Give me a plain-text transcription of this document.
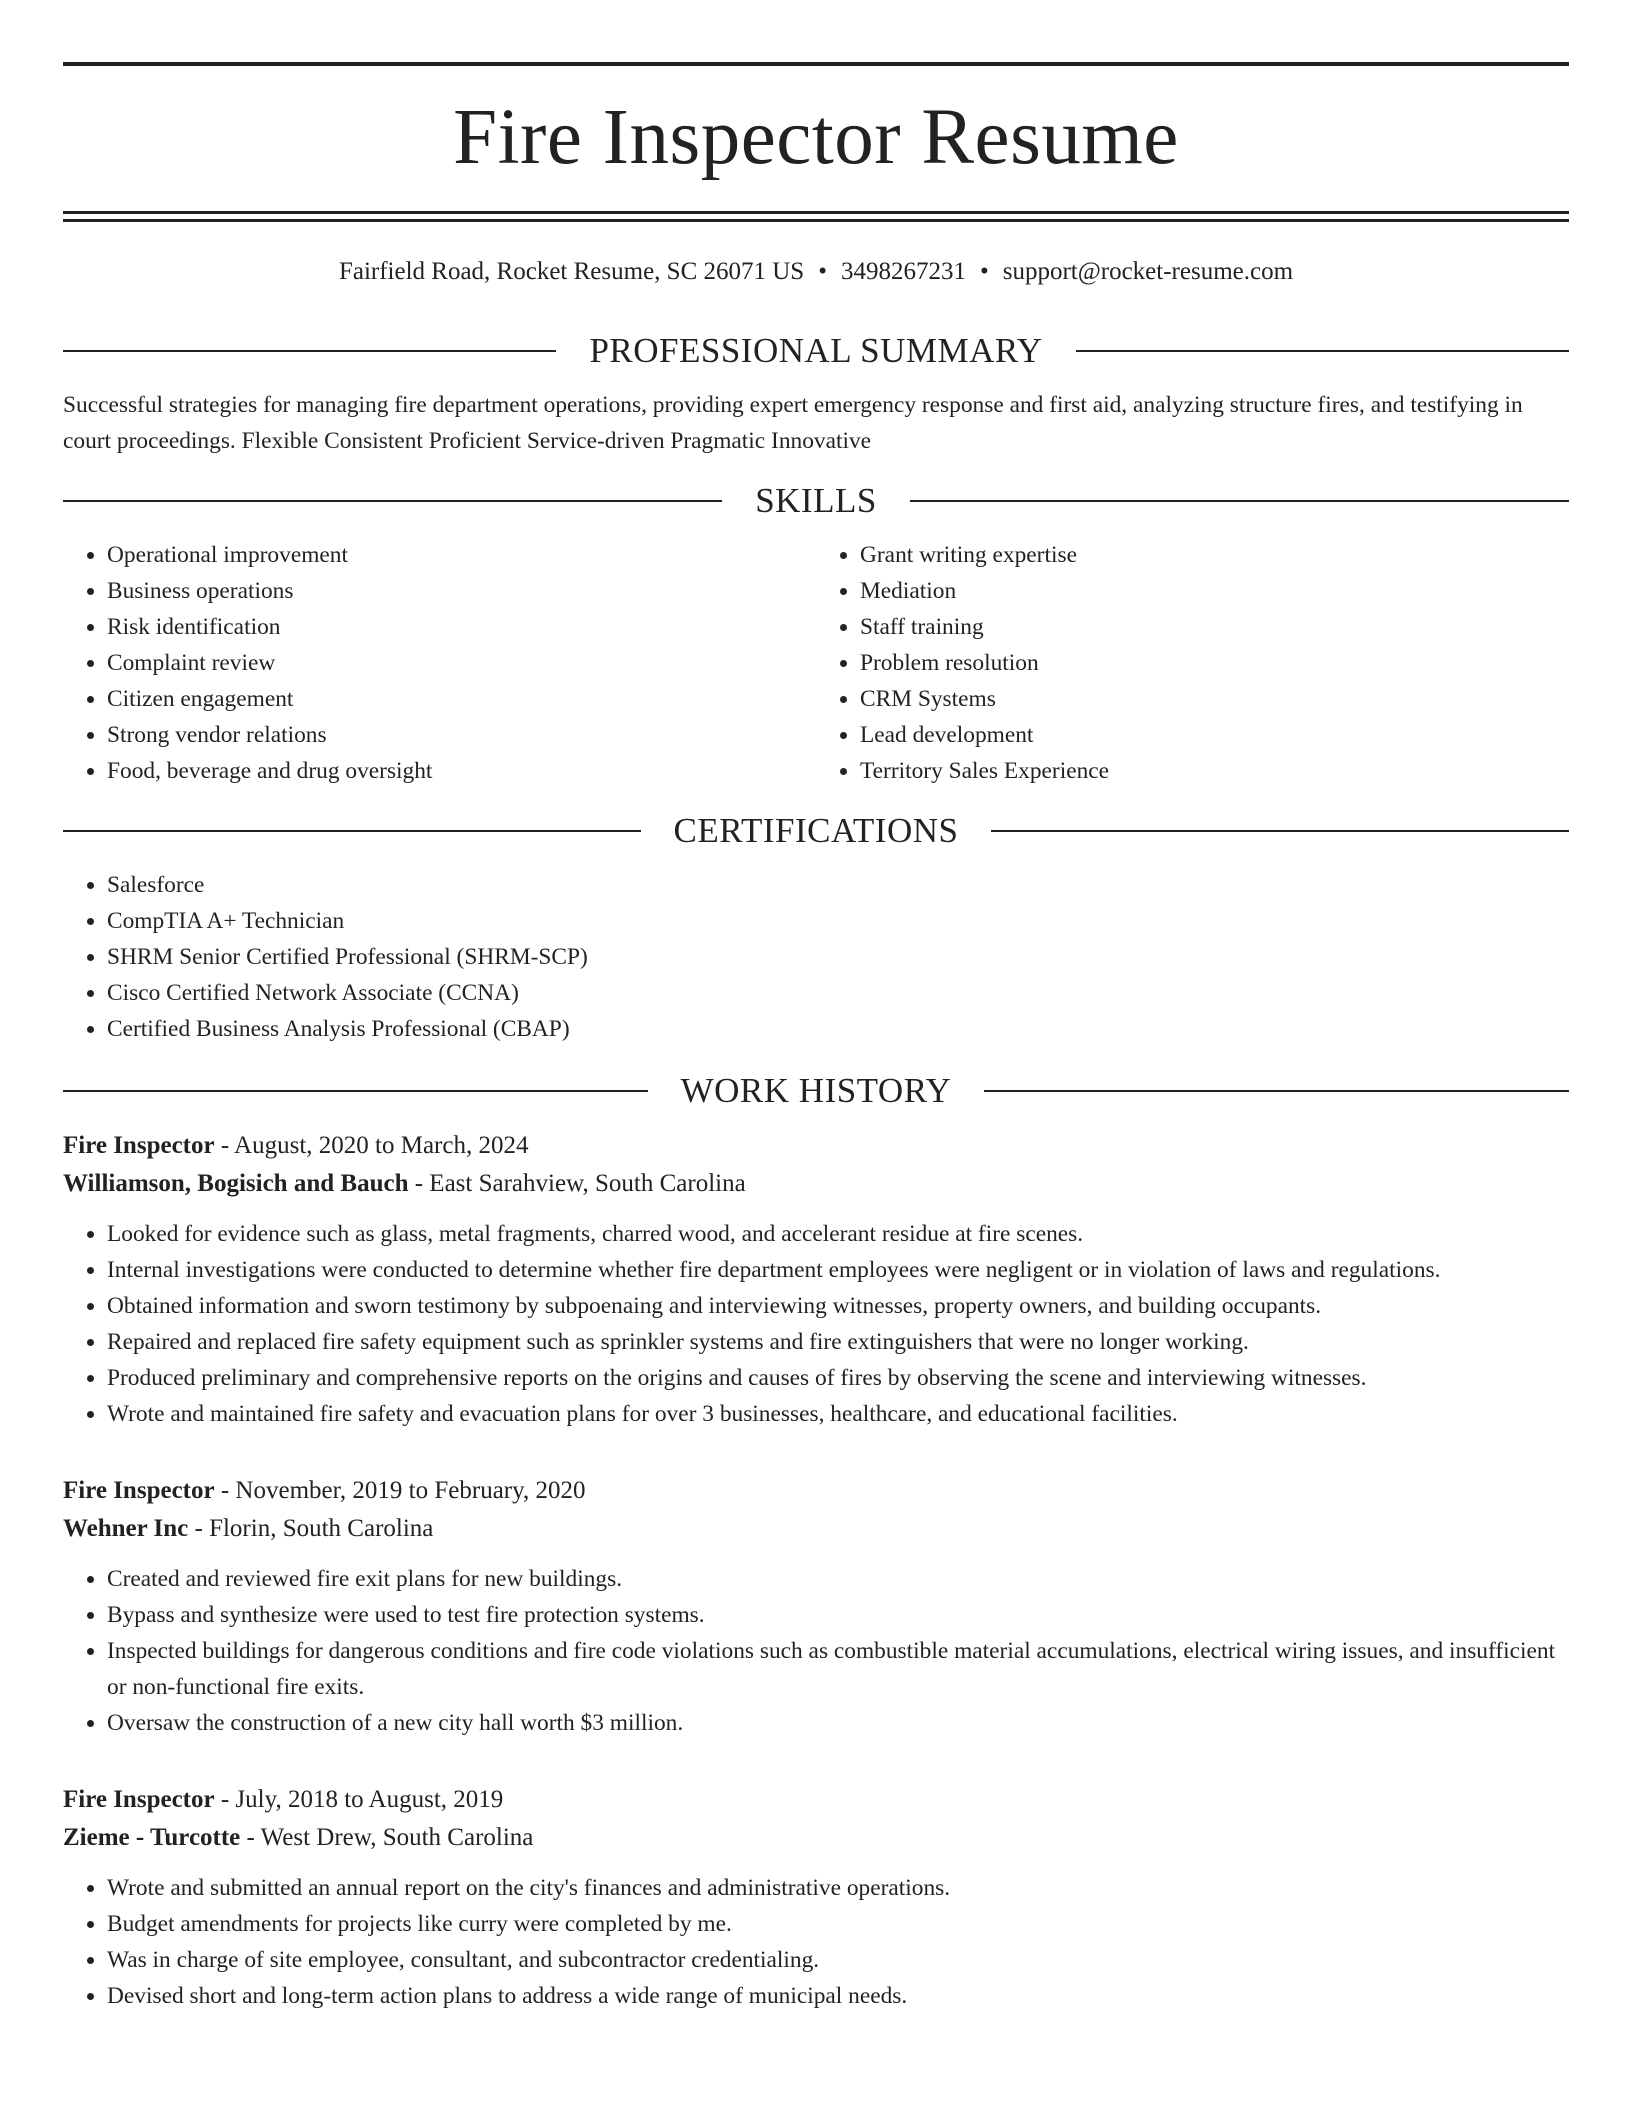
Fire Inspector Resume
Fairfield Road, Rocket Resume, SC 26071 US • 3498267231 • support@rocket-resume.com
PROFESSIONAL SUMMARY

Successful strategies for managing fire department operations, providing expert emergency response and first aid, analyzing structure fires, and testifying in court proceedings. Flexible Consistent Proficient Service-driven Pragmatic Innovative

SKILLS
• Operational improvement
• Business operations
• Risk identification
• Complaint review
• Citizen engagement
• Strong vendor relations
• Food, beverage and drug oversight
• Grant writing expertise
• Mediation
• Staff training
• Problem resolution
• CRM Systems
• Lead development
• Territory Sales Experience
CERTIFICATIONS
• Salesforce
• CompTIA A+ Technician
• SHRM Senior Certified Professional (SHRM-SCP)
• Cisco Certified Network Associate (CCNA)
• Certified Business Analysis Professional (CBAP)
WORK HISTORY
Fire Inspector - August, 2020 to March, 2024
Williamson, Bogisich and Bauch - East Sarahview, South Carolina
• Looked for evidence such as glass, metal fragments, charred wood, and accelerant residue at fire scenes.
• Internal investigations were conducted to determine whether fire department employees were negligent or in violation of laws and regulations.
• Obtained information and sworn testimony by subpoenaing and interviewing witnesses, property owners, and building occupants.
• Repaired and replaced fire safety equipment such as sprinkler systems and fire extinguishers that were no longer working.
• Produced preliminary and comprehensive reports on the origins and causes of fires by observing the scene and interviewing witnesses.
• Wrote and maintained fire safety and evacuation plans for over 3 businesses, healthcare, and educational facilities.
Fire Inspector - November, 2019 to February, 2020
Wehner Inc - Florin, South Carolina
• Created and reviewed fire exit plans for new buildings.
• Bypass and synthesize were used to test fire protection systems.
• Inspected buildings for dangerous conditions and fire code violations such as combustible material accumulations, electrical wiring issues, and insufficient or non-functional fire exits.
• Oversaw the construction of a new city hall worth $3 million.
Fire Inspector - July, 2018 to August, 2019
Zieme - Turcotte - West Drew, South Carolina
• Wrote and submitted an annual report on the city's finances and administrative operations.
• Budget amendments for projects like curry were completed by me.
• Was in charge of site employee, consultant, and subcontractor credentialing.
• Devised short and long-term action plans to address a wide range of municipal needs.
